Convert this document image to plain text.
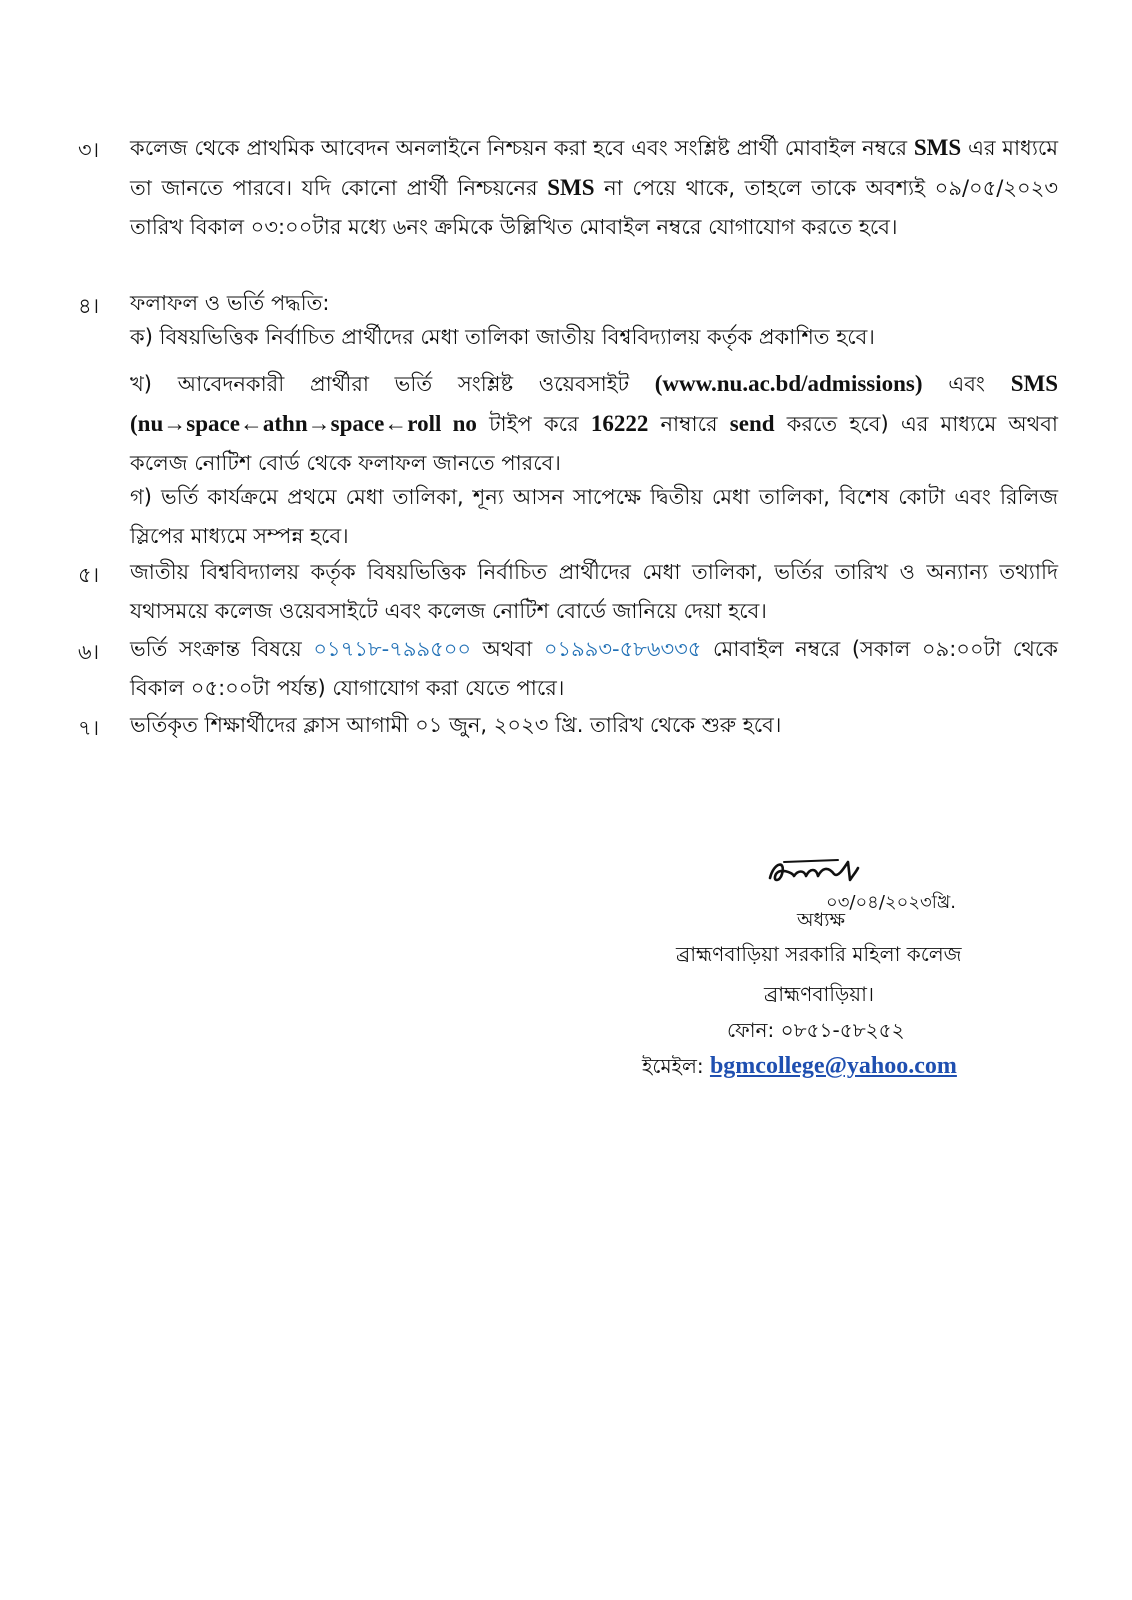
৩।	কলেজ থেকে প্রাথমিক আবেদন অনলাইনে নিশ্চয়ন করা হবে এবং সংশ্লিষ্ট প্রার্থী মোবাইল নম্বরে SMS এর মাধ্যমে তা জানতে পারবে। যদি কোনো প্রার্থী নিশ্চয়নের SMS না পেয়ে থাকে, তাহলে তাকে অবশ্যই ০৯/০৫/২০২৩ তারিখ বিকাল ০৩:০০টার মধ্যে ৬নং ক্রমিকে উল্লিখিত মোবাইল নম্বরে যোগাযোগ করতে হবে।
৪।	ফলাফল ও ভর্তি পদ্ধতি:
ক) বিষয়ভিত্তিক নির্বাচিত প্রার্থীদের মেধা তালিকা জাতীয় বিশ্ববিদ্যালয় কর্তৃক প্রকাশিত হবে।
খ) আবেদনকারী প্রার্থীরা ভর্তি সংশ্লিষ্ট ওয়েবসাইট (www.nu.ac.bd/admissions) এবং SMS (nu→space←athn→space←roll no টাইপ করে 16222 নাম্বারে send করতে হবে) এর মাধ্যমে অথবা কলেজ নোটিশ বোর্ড থেকে ফলাফল জানতে পারবে।
গ) ভর্তি কার্যক্রমে প্রথমে মেধা তালিকা, শূন্য আসন সাপেক্ষে দ্বিতীয় মেধা তালিকা, বিশেষ কোটা এবং রিলিজ স্লিপের মাধ্যমে সম্পন্ন হবে।
৫।	জাতীয় বিশ্ববিদ্যালয় কর্তৃক বিষয়ভিত্তিক নির্বাচিত প্রার্থীদের মেধা তালিকা, ভর্তির তারিখ ও অন্যান্য তথ্যাদি যথাসময়ে কলেজ ওয়েবসাইটে এবং কলেজ নোটিশ বোর্ডে জানিয়ে দেয়া হবে।
৬।	ভর্তি সংক্রান্ত বিষয়ে ০১৭১৮-৭৯৯৫০০ অথবা ০১৯৯৩-৫৮৬৩৩৫ মোবাইল নম্বরে (সকাল ০৯:০০টা থেকে বিকাল ০৫:০০টা পর্যন্ত) যোগাযোগ করা যেতে পারে।
৭।	ভর্তিকৃত শিক্ষার্থীদের ক্লাস আগামী ০১ জুন, ২০২৩ খ্রি. তারিখ থেকে শুরু হবে।
০৩/০৪/২০২৩খ্রি.
অধ্যক্ষ
ব্রাহ্মণবাড়িয়া সরকারি মহিলা কলেজ
ব্রাহ্মণবাড়িয়া।
ফোন: ০৮৫১-৫৮২৫২
ইমেইল: bgmcollege@yahoo.com
